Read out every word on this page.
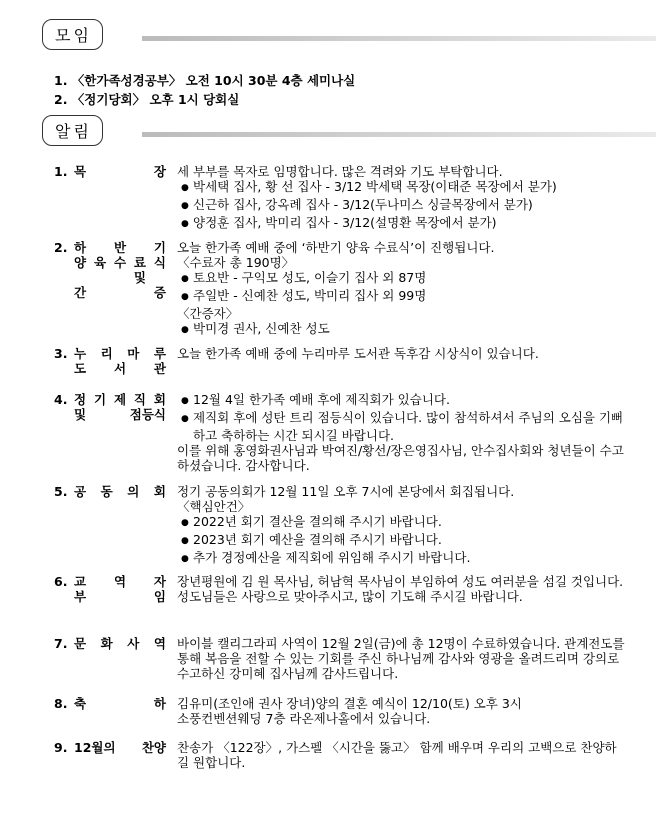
모임
1. 〈한가족성경공부〉 오전 10시 30분 4층 세미나실
2. 〈정기당회〉 오후 1시 당회실
알림
1. 목	장 세 부부를 목자로 임명합니다. 많은 격려와 기도 부탁합니다.
● 박세택 집사, 황 선 집사 - 3/12 박세택 목장(이태준 목장에서 분가)
● 신근하 집사, 강옥례 집사 - 3/12(두나미스 싱글목장에서 분가)
● 양정훈 집사, 박미리 집사 - 3/12(설명환 목장에서 분가)
2. 하 반 기
양 육 수 료 식
및
간	증
오늘 한가족 예배 중에 ‘하반기 양육 수료식’이 진행됩니다.
〈수료자 총 190명〉
● 토요반 - 구익모 성도, 이슬기 집사 외 87명
● 주일반 - 신예찬 성도, 박미리 집사 외 99명
〈간증자〉
● 박미경 권사, 신예찬 성도
3. 누 리 마 루
도 서 관
오늘 한가족 예배 중에 누리마루 도서관 독후감 시상식이 있습니다.
4. 정 기 제 직 회
및	점등식
● 12월 4일 한가족 예배 후에 제직회가 있습니다.
● 제직회 후에 성탄 트리 점등식이 있습니다. 많이 참석하셔서 주님의 오심을 기뻐하고 축하하는 시간 되시길 바랍니다.
이를 위해 홍영화권사님과 박여진/황선/장은영집사님, 안수집사회와 청년들이 수고하셨습니다. 감사합니다.
5. 공 동 의 회 정기 공동의회가 12월 11일 오후 7시에 본당에서 회집됩니다.
〈핵심안건〉
● 2022년 회기 결산을 결의해 주시기 바랍니다.
● 2023년 회기 예산을 결의해 주시기 바랍니다.
● 추가 경정예산을 제직회에 위임해 주시기 바랍니다.
6. 교 역 자
부	임
장년평원에 김 원 목사님, 허남혁 목사님이 부임하여 성도 여러분을 섬길 것입니다. 성도님들은 사랑으로 맞아주시고, 많이 기도해 주시길 바랍니다.
7. 문 화 사 역 바이블 캘리그라피 사역이 12월 2일(금)에 총 12명이 수료하였습니다. 관계전도를 통해 복음을 전할 수 있는 기회를 주신 하나님께 감사와 영광을 올려드리며 강의로 수고하신 강미혜 집사님께 감사드립니다.
8. 축	하 김유미(조인애 권사 장녀)양의 결혼 예식이 12/10(토) 오후 3시
소풍컨벤션웨딩 7층 라온제나홀에서 있습니다.
9. 12월의 찬양 찬송가 〈122장〉, 가스펠 〈시간을 뚫고〉 함께 배우며 우리의 고백으로 찬양하길 원합니다.
